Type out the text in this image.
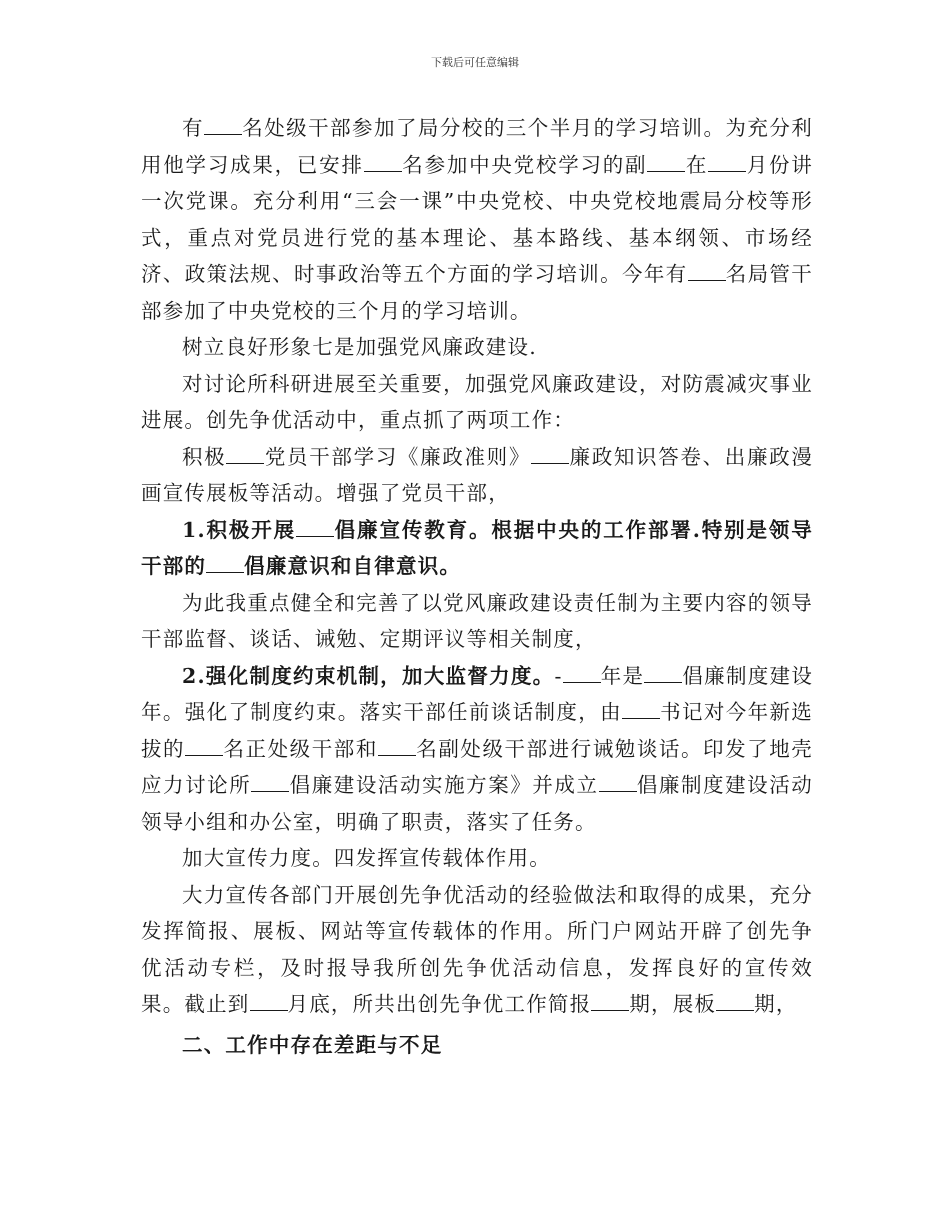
下载后可任意编辑

有 名处级干部参加了局分校的三个半月的学习培训。为充分利用他学习成果，已安排 名参加中央党校学习的副 在 月份讲一次党课。充分利用“三会一课”中央党校、中央党校地震局分校等形式，重点对党员进行党的基本理论、基本路线、基本纲领、市场经济、政策法规、时事政治等五个方面的学习培训。今年有 名局管干部参加了中央党校的三个月的学习培训。

树立良好形象七是加强党风廉政建设.

对讨论所科研进展至关重要，加强党风廉政建设，对防震减灾事业进展。创先争优活动中，重点抓了两项工作：

积极 党员干部学习《廉政准则》 廉政知识答卷、出廉政漫画宣传展板等活动。增强了党员干部，

1.积极开展 倡廉宣传教育。根据中央的工作部署.特别是领导干部的 倡廉意识和自律意识。

为此我重点健全和完善了以党风廉政建设责任制为主要内容的领导干部监督、谈话、诫勉、定期评议等相关制度，

2.强化制度约束机制，加大监督力度。- 年是 倡廉制度建设年。强化了制度约束。落实干部任前谈话制度，由 书记对今年新选拔的 名正处级干部和 名副处级干部进行诫勉谈话。印发了地壳应力讨论所 倡廉建设活动实施方案》并成立 倡廉制度建设活动领导小组和办公室，明确了职责，落实了任务。

加大宣传力度。四发挥宣传载体作用。

大力宣传各部门开展创先争优活动的经验做法和取得的成果，充分发挥简报、展板、网站等宣传载体的作用。所门户网站开辟了创先争优活动专栏，及时报导我所创先争优活动信息，发挥良好的宣传效果。截止到 月底，所共出创先争优工作简报 期，展板 期，

二、工作中存在差距与不足
